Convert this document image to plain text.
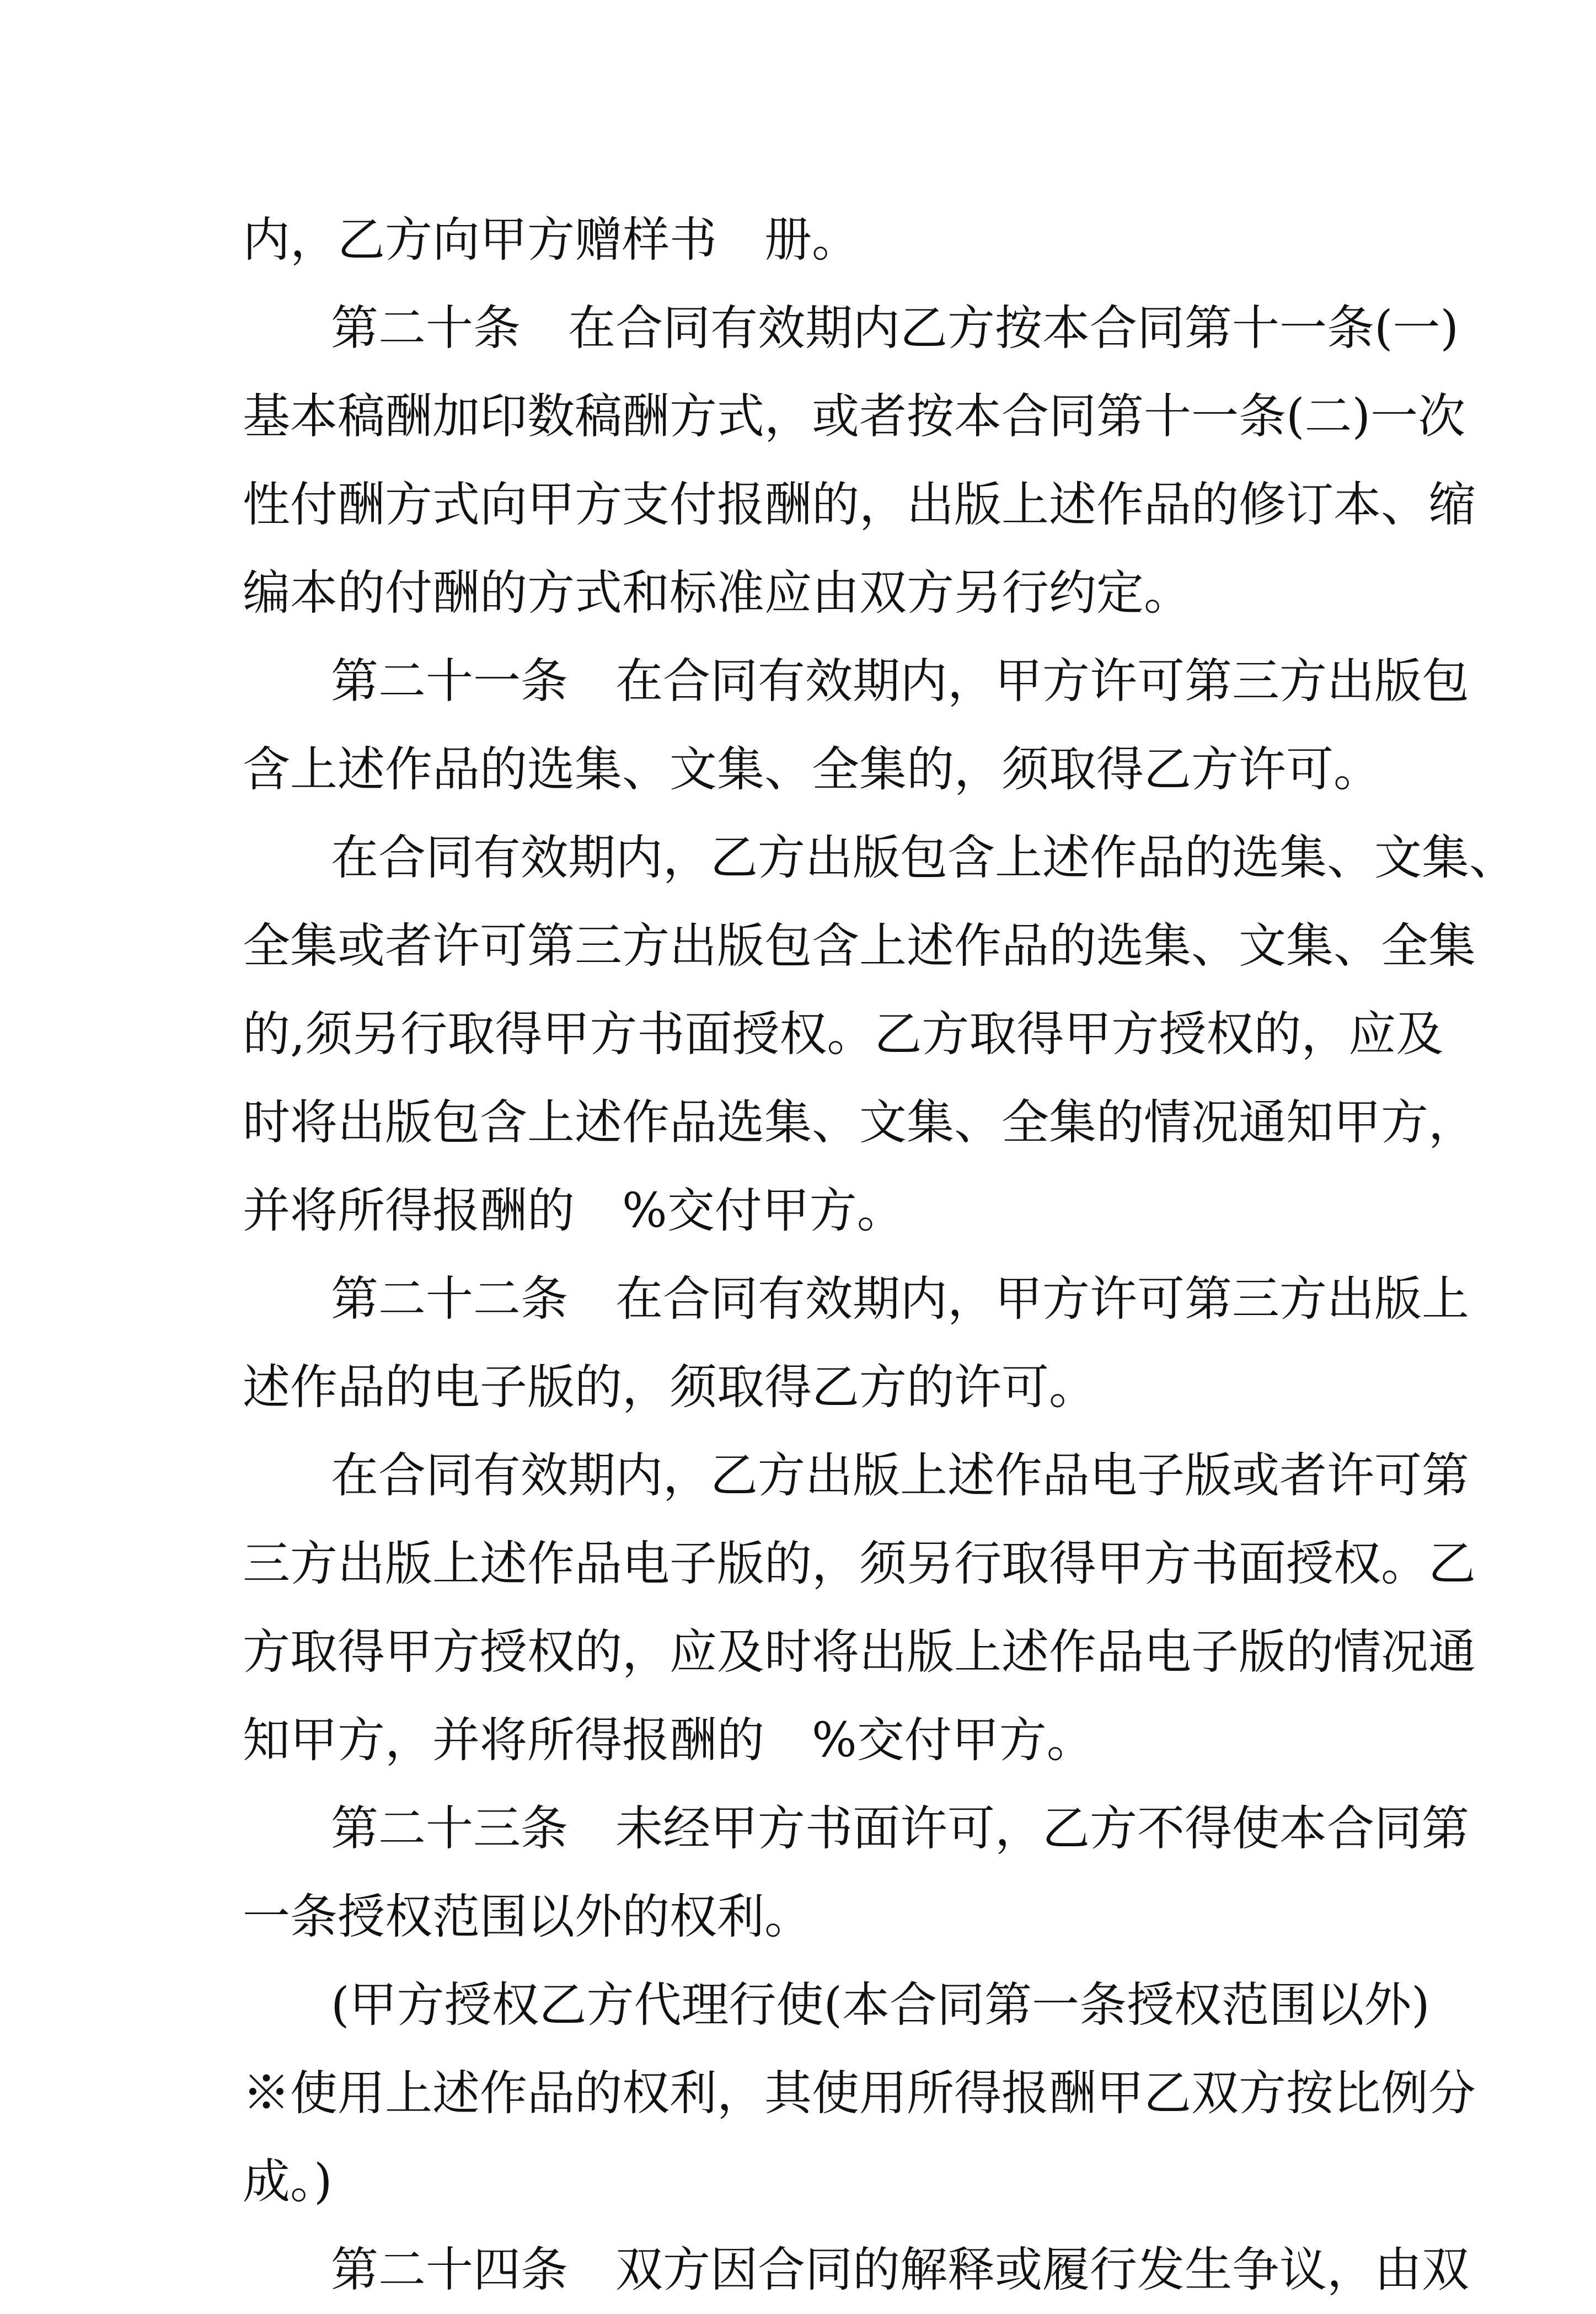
内，乙方向甲方赠样书　册。

第二十条　在合同有效期内乙方按本合同第十一条(一)
基本稿酬加印数稿酬方式，或者按本合同第十一条(二)一次
性付酬方式向甲方支付报酬的，出版上述作品的修订本、缩
编本的付酬的方式和标准应由双方另行约定。

第二十一条　在合同有效期内，甲方许可第三方出版包
含上述作品的选集、文集、全集的，须取得乙方许可。

在合同有效期内，乙方出版包含上述作品的选集、文集、
全集或者许可第三方出版包含上述作品的选集、文集、全集
的,须另行取得甲方书面授权。乙方取得甲方授权的，应及
时将出版包含上述作品选集、文集、全集的情况通知甲方，
并将所得报酬的　%交付甲方。

第二十二条　在合同有效期内，甲方许可第三方出版上
述作品的电子版的，须取得乙方的许可。

在合同有效期内，乙方出版上述作品电子版或者许可第
三方出版上述作品电子版的，须另行取得甲方书面授权。乙
方取得甲方授权的，应及时将出版上述作品电子版的情况通
知甲方，并将所得报酬的　%交付甲方。

第二十三条　未经甲方书面许可，乙方不得使本合同第
一条授权范围以外的权利。

(甲方授权乙方代理行使(本合同第一条授权范围以外)
※使用上述作品的权利，其使用所得报酬甲乙双方按比例分
成。)

第二十四条　双方因合同的解释或履行发生争议，由双
